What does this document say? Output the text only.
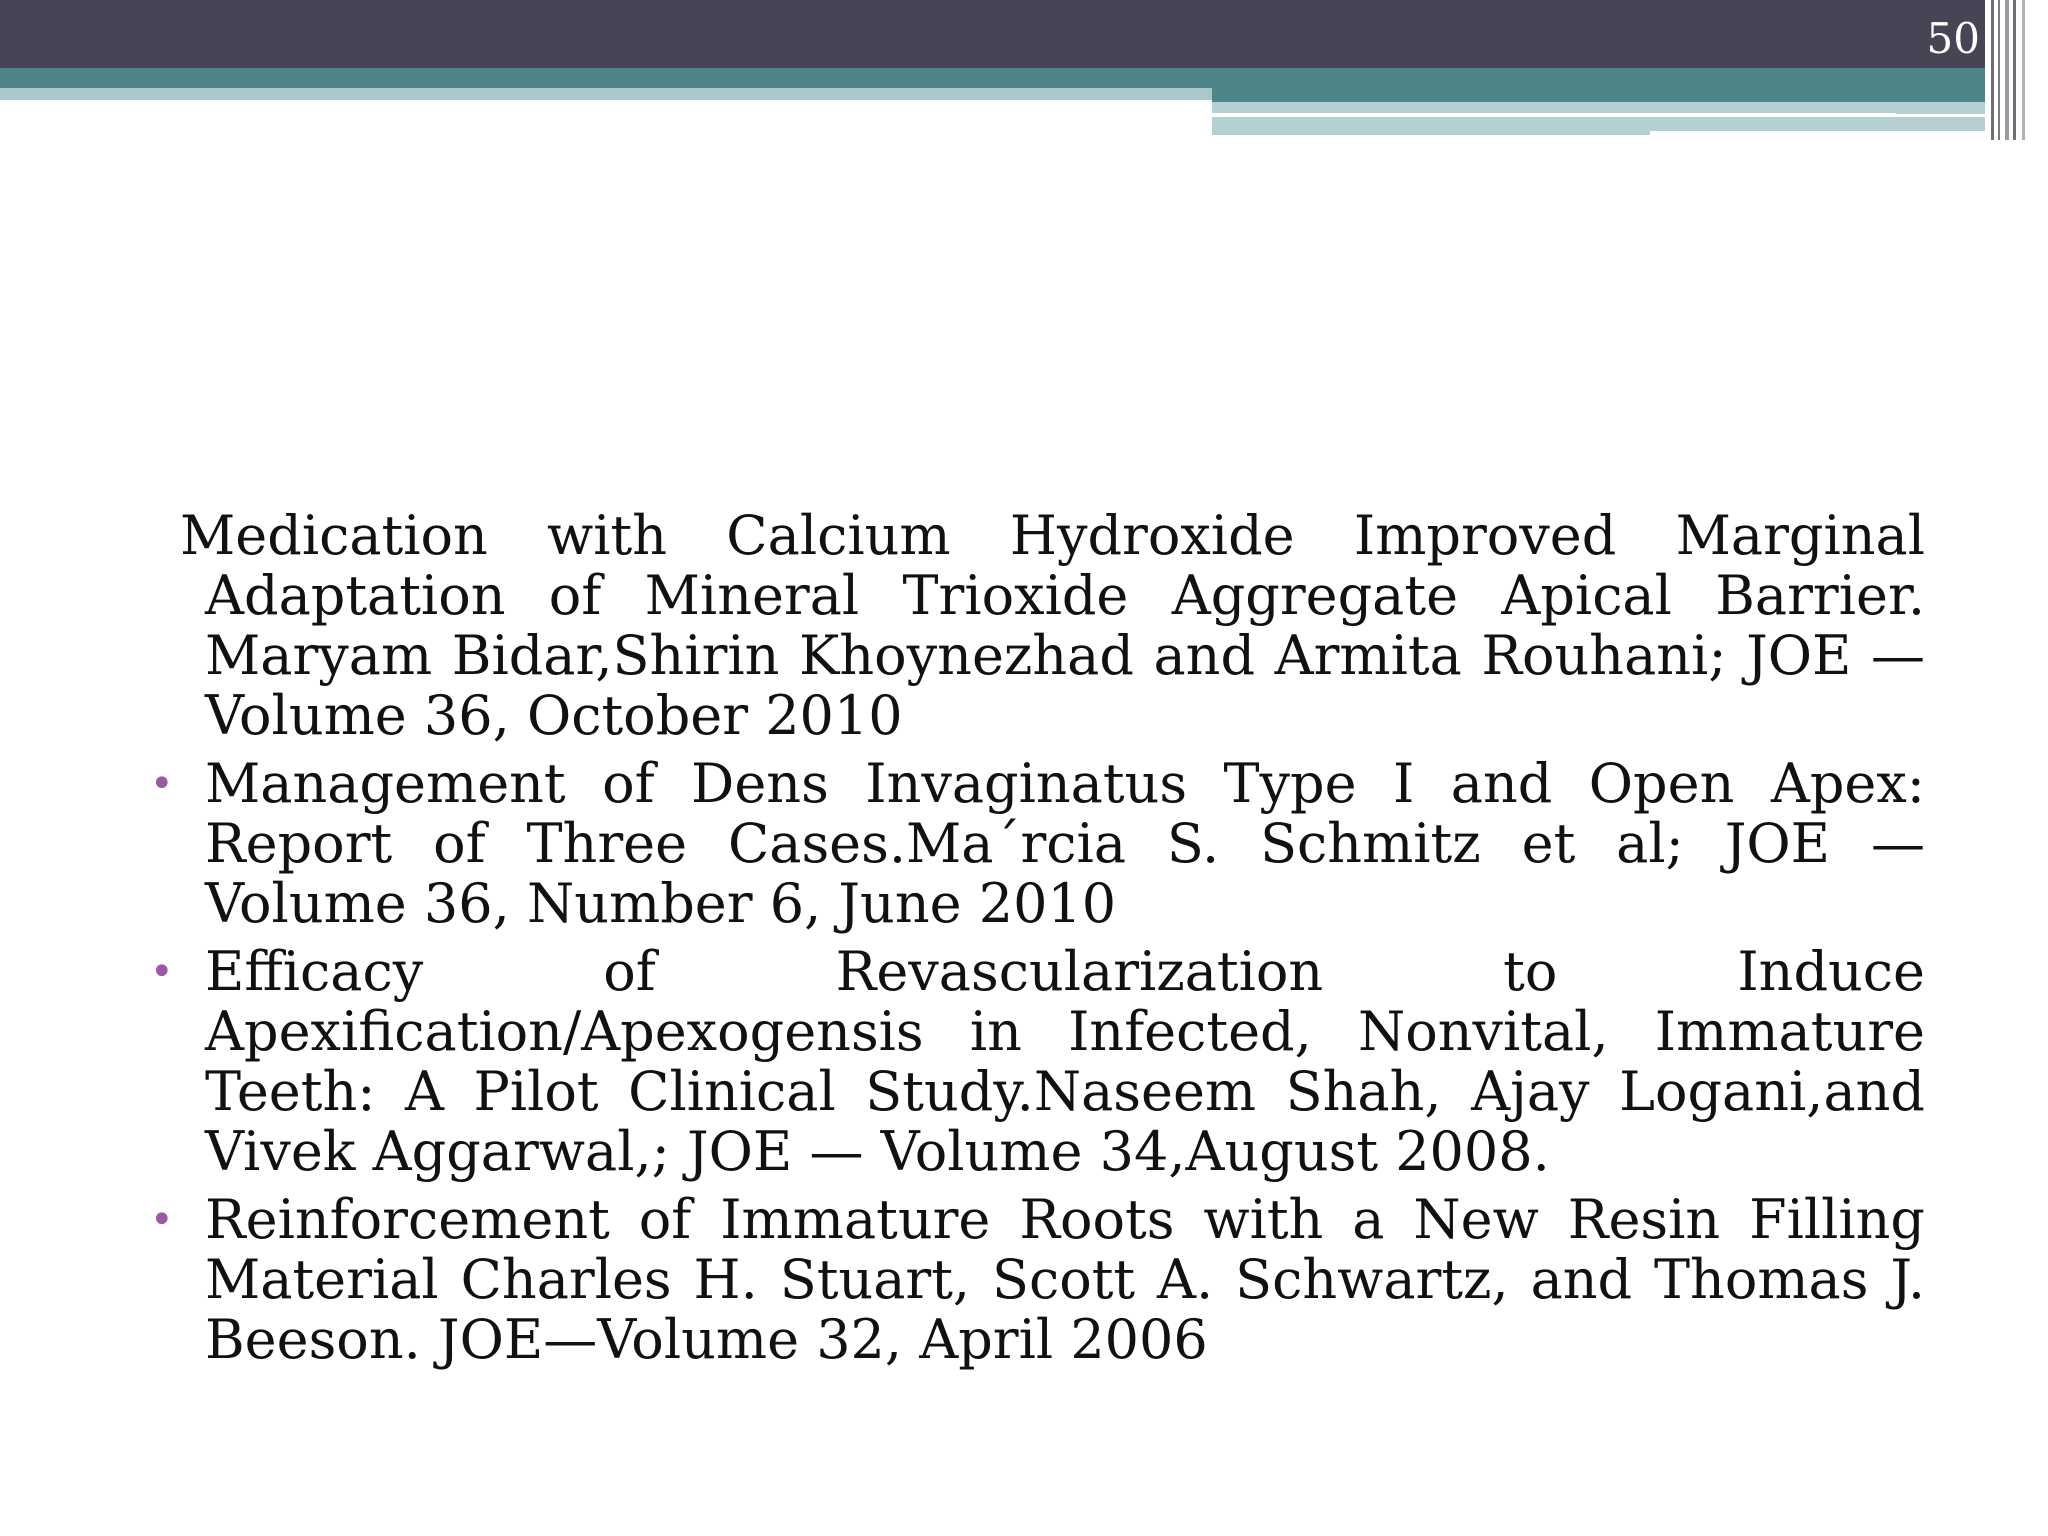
50
Medication with Calcium Hydroxide Improved Marginal Adaptation of Mineral Trioxide Aggregate Apical Barrier. Maryam Bidar,Shirin Khoynezhad and Armita Rouhani; JOE — Volume 36, October 2010
• Management of Dens Invaginatus Type I and Open Apex: Report of Three Cases.Ma´rcia S. Schmitz et al; JOE — Volume 36, Number 6, June 2010
• Efficacy of Revascularization to Induce Apexification/Apexogensis in Infected, Nonvital, Immature Teeth: A Pilot Clinical Study.Naseem Shah, Ajay Logani,and Vivek Aggarwal,; JOE — Volume 34,August 2008.
• Reinforcement of Immature Roots with a New Resin Filling Material Charles H. Stuart, Scott A. Schwartz, and Thomas J. Beeson. JOE—Volume 32, April 2006
